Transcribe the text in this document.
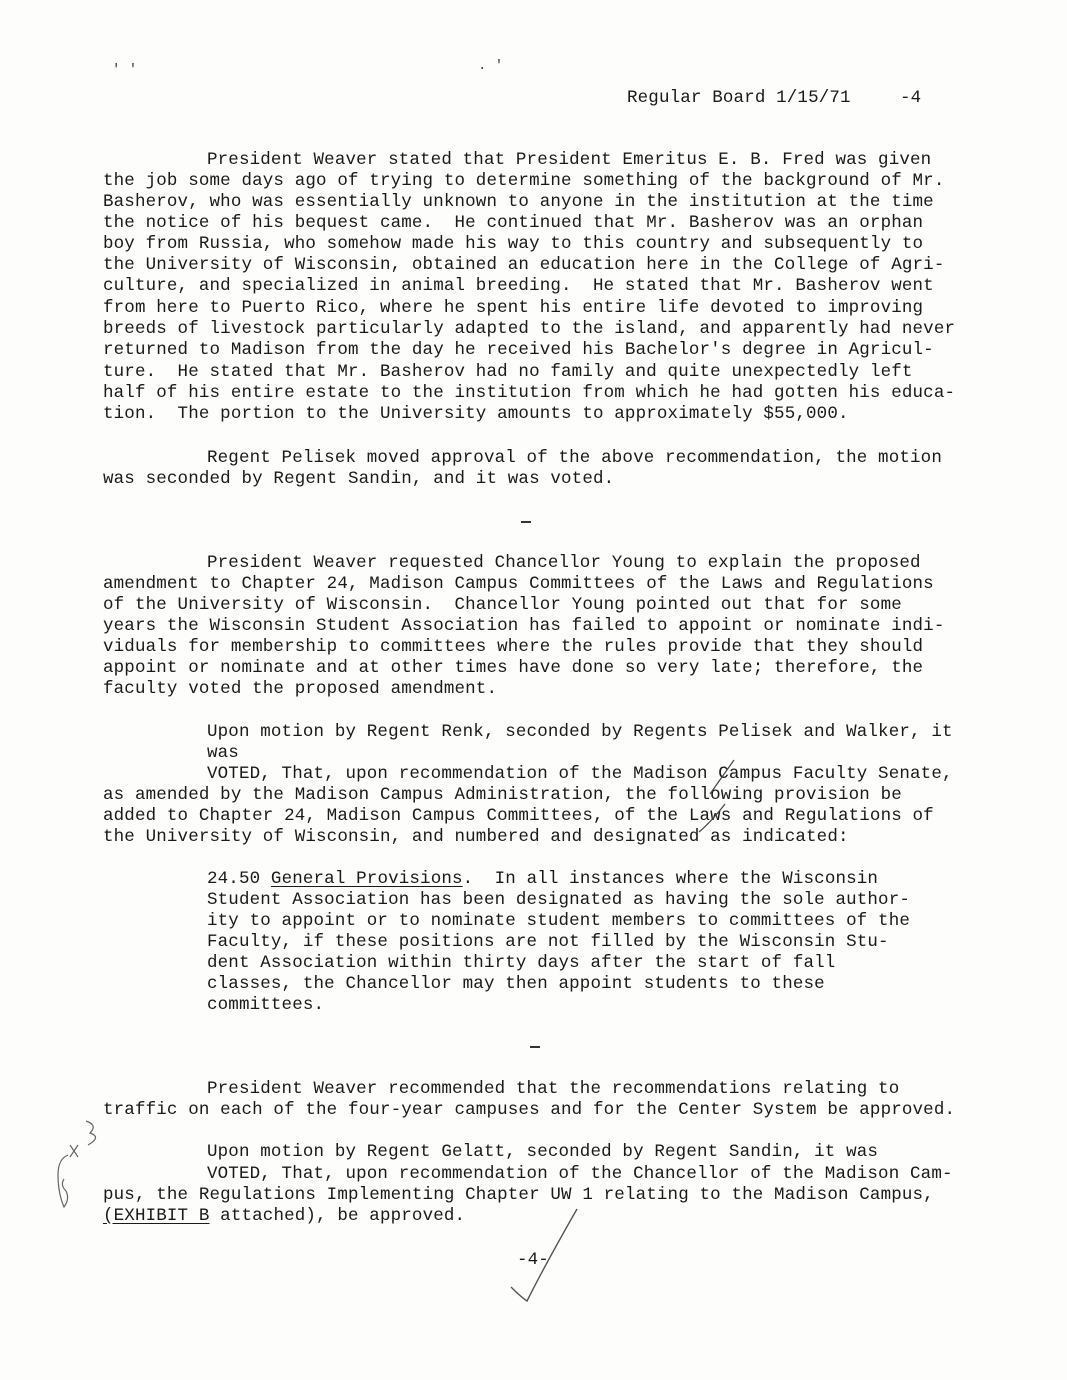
' '	. '
Regular Board 1/15/71	-4
President Weaver stated that President Emeritus E. B. Fred was given
the job some days ago of trying to determine something of the background of Mr.
Basherov, who was essentially unknown to anyone in the institution at the time
the notice of his bequest came.  He continued that Mr. Basherov was an orphan
boy from Russia, who somehow made his way to this country and subsequently to
the University of Wisconsin, obtained an education here in the College of Agri-
culture, and specialized in animal breeding.  He stated that Mr. Basherov went
from here to Puerto Rico, where he spent his entire life devoted to improving
breeds of livestock particularly adapted to the island, and apparently had never
returned to Madison from the day he received his Bachelor's degree in Agricul-
ture.  He stated that Mr. Basherov had no family and quite unexpectedly left
half of his entire estate to the institution from which he had gotten his educa-
tion.  The portion to the University amounts to approximately $55,000.
Regent Pelisek moved approval of the above recommendation, the motion
was seconded by Regent Sandin, and it was voted.
President Weaver requested Chancellor Young to explain the proposed
amendment to Chapter 24, Madison Campus Committees of the Laws and Regulations
of the University of Wisconsin.  Chancellor Young pointed out that for some
years the Wisconsin Student Association has failed to appoint or nominate indi-
viduals for membership to committees where the rules provide that they should
appoint or nominate and at other times have done so very late; therefore, the
faculty voted the proposed amendment.
Upon motion by Regent Renk, seconded by Regents Pelisek and Walker, it
was
VOTED, That, upon recommendation of the Madison Campus Faculty Senate,
as amended by the Madison Campus Administration, the following provision be
added to Chapter 24, Madison Campus Committees, of the Laws and Regulations of
the University of Wisconsin, and numbered and designated as indicated:
24.50 General Provisions.  In all instances where the Wisconsin
Student Association has been designated as having the sole author-
ity to appoint or to nominate student members to committees of the
Faculty, if these positions are not filled by the Wisconsin Stu-
dent Association within thirty days after the start of fall
classes, the Chancellor may then appoint students to these
committees.
President Weaver recommended that the recommendations relating to
traffic on each of the four-year campuses and for the Center System be approved.
Upon motion by Regent Gelatt, seconded by Regent Sandin, it was
VOTED, That, upon recommendation of the Chancellor of the Madison Cam-
pus, the Regulations Implementing Chapter UW 1 relating to the Madison Campus,
(EXHIBIT B attached), be approved.
-4-
